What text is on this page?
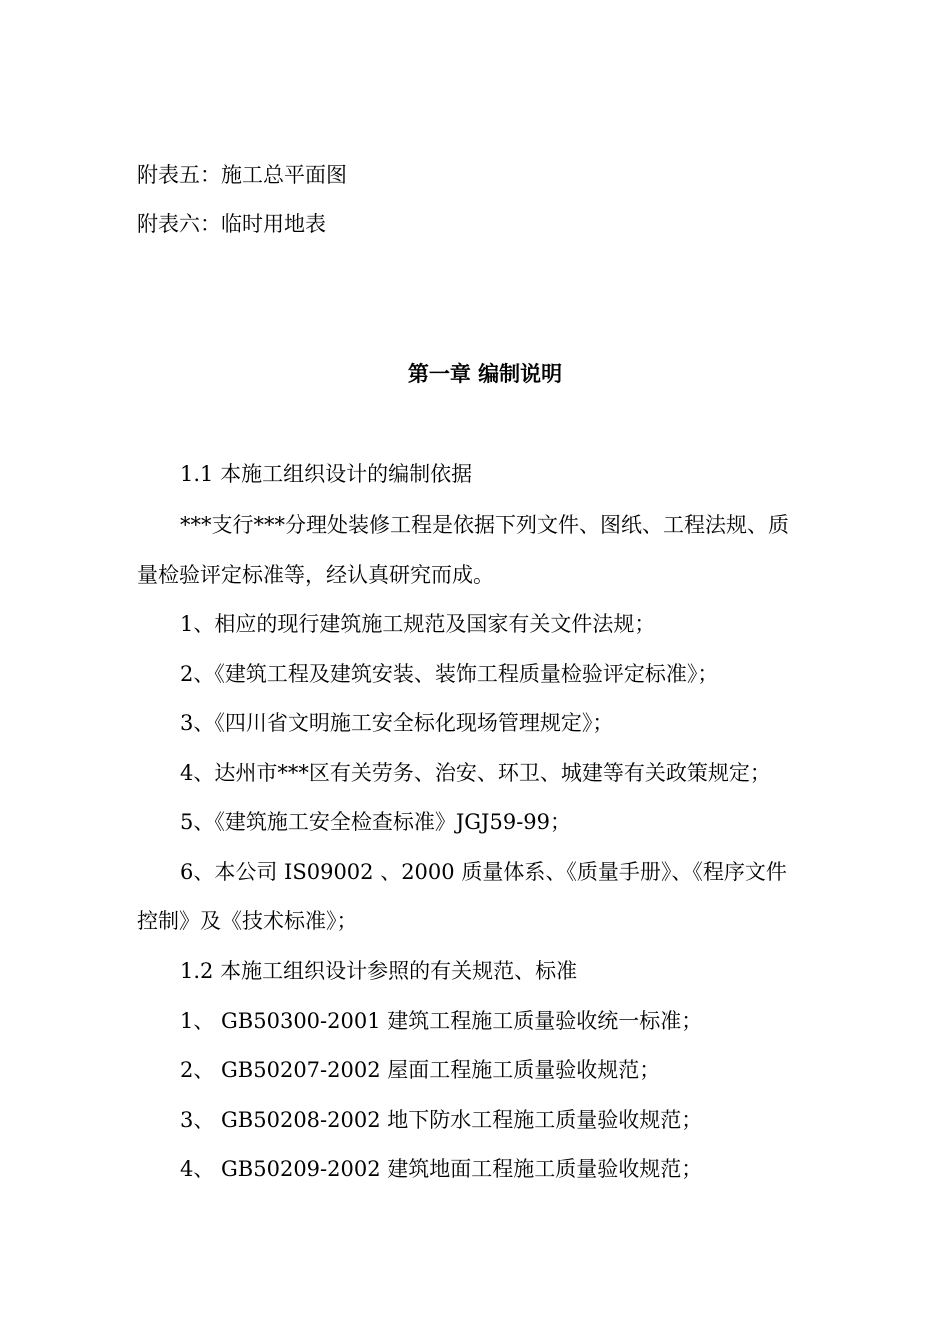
附表五：施工总平面图
附表六：临时用地表
第一章 编制说明
1.1 本施工组织设计的编制依据
***支行***分理处装修工程是依据下列文件、图纸、工程法规、质
量检验评定标准等，经认真研究而成。
1、相应的现行建筑施工规范及国家有关文件法规；
2、《建筑工程及建筑安装、装饰工程质量检验评定标准》；
3、《四川省文明施工安全标化现场管理规定》；
4、达州市***区有关劳务、治安、环卫、城建等有关政策规定；
5、《建筑施工安全检查标准》JGJ59-99；
6、本公司 IS09002 、2000 质量体系、《质量手册》、《程序文件
控制》及《技术标准》；
1.2 本施工组织设计参照的有关规范、标准
1、 GB50300-2001 建筑工程施工质量验收统一标准；
2、 GB50207-2002 屋面工程施工质量验收规范；
3、 GB50208-2002 地下防水工程施工质量验收规范；
4、 GB50209-2002 建筑地面工程施工质量验收规范；
